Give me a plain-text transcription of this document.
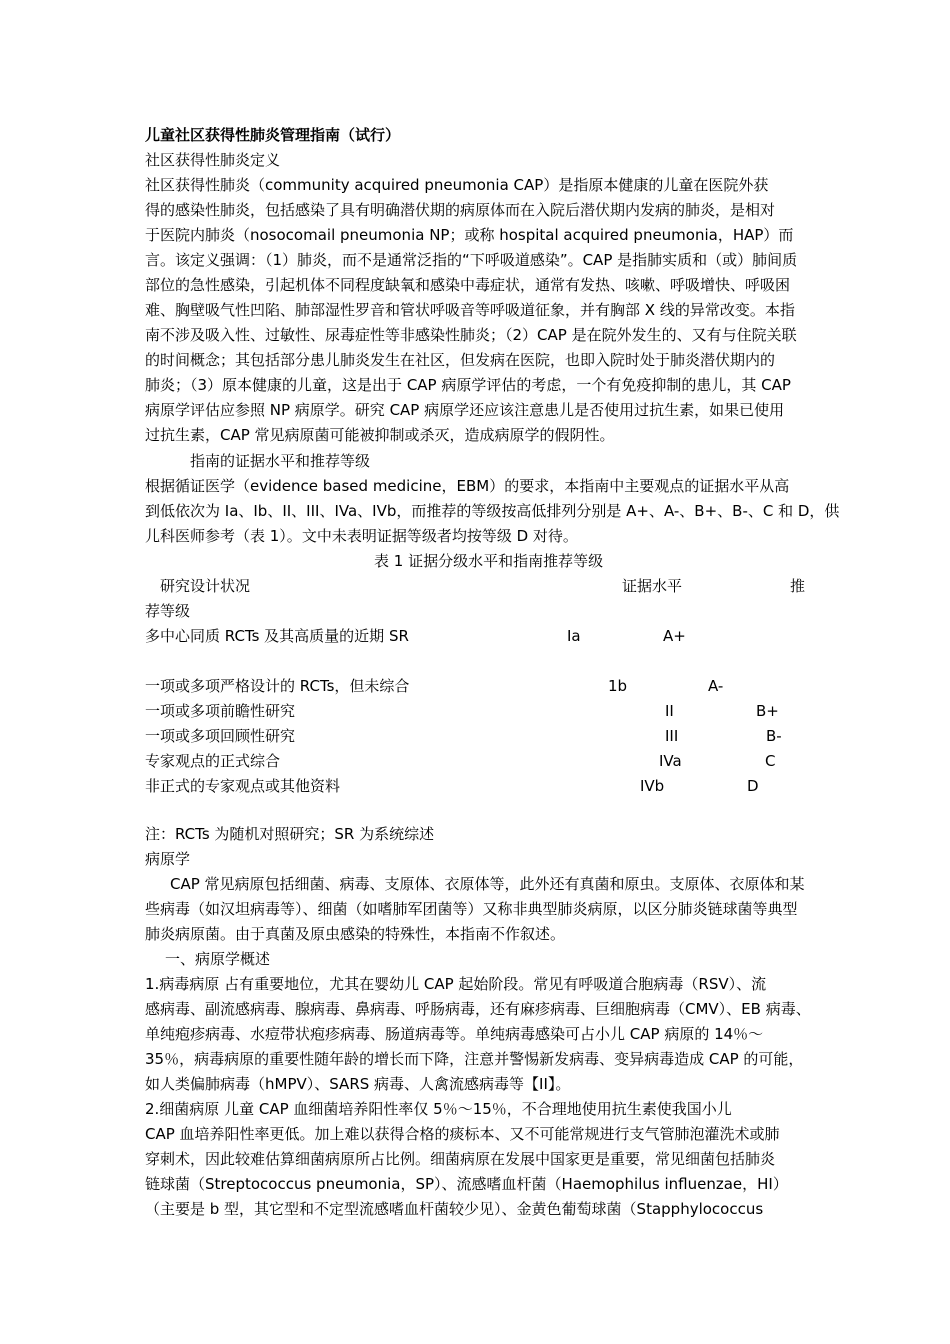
儿童社区获得性肺炎管理指南（试行）
社区获得性肺炎定义
社区获得性肺炎（community acquired pneumonia CAP）是指原本健康的儿童在医院外获
得的感染性肺炎，包括感染了具有明确潜伏期的病原体而在入院后潜伏期内发病的肺炎，是相对
于医院内肺炎（nosocomail pneumonia NP；或称 hospital acquired pneumonia，HAP）而
言。该定义强调：（1）肺炎，而不是通常泛指的“下呼吸道感染”。CAP 是指肺实质和（或）肺间质
部位的急性感染，引起机体不同程度缺氧和感染中毒症状，通常有发热、咳嗽、呼吸增快、呼吸困
难、胸壁吸气性凹陷、肺部湿性罗音和管状呼吸音等呼吸道征象，并有胸部 X 线的异常改变。本指
南不涉及吸入性、过敏性、尿毒症性等非感染性肺炎；（2）CAP 是在院外发生的、又有与住院关联
的时间概念；其包括部分患儿肺炎发生在社区，但发病在医院，也即入院时处于肺炎潜伏期内的
肺炎；（3）原本健康的儿童，这是出于 CAP 病原学评估的考虑，一个有免疫抑制的患儿，其 CAP
病原学评估应参照 NP 病原学。研究 CAP 病原学还应该注意患儿是否使用过抗生素，如果已使用
过抗生素，CAP 常见病原菌可能被抑制或杀灭，造成病原学的假阴性。
指南的证据水平和推荐等级
根据循证医学（evidence based medicine，EBM）的要求，本指南中主要观点的证据水平从高
到低依次为 Ia、Ib、II、III、IVa、IVb，而推荐的等级按高低排列分别是 A+、A-、B+、B-、C 和 D，供
儿科医师参考（表 1）。文中未表明证据等级者均按等级 D 对待。
表 1 证据分级水平和指南推荐等级
研究设计状况	证据水平	推
荐等级
多中心同质 RCTs 及其高质量的近期 SR	Ia	A+
一项或多项严格设计的 RCTs，但未综合	1b	A-
一项或多项前瞻性研究	II	B+
一项或多项回顾性研究	III	B-
专家观点的正式综合	IVa	C
非正式的专家观点或其他资料	IVb	D
注：RCTs 为随机对照研究；SR 为系统综述
病原学
CAP 常见病原包括细菌、病毒、支原体、衣原体等，此外还有真菌和原虫。支原体、衣原体和某
些病毒（如汉坦病毒等）、细菌（如嗜肺军团菌等）又称非典型肺炎病原，以区分肺炎链球菌等典型
肺炎病原菌。由于真菌及原虫感染的特殊性，本指南不作叙述。
一、病原学概述
1.病毒病原 占有重要地位，尤其在婴幼儿 CAP 起始阶段。常见有呼吸道合胞病毒（RSV）、流
感病毒、副流感病毒、腺病毒、鼻病毒、呼肠病毒，还有麻疹病毒、巨细胞病毒（CMV）、EB 病毒、
单纯疱疹病毒、水痘带状疱疹病毒、肠道病毒等。单纯病毒感染可占小儿 CAP 病原的 14％～
35％，病毒病原的重要性随年龄的增长而下降，注意并警惕新发病毒、变异病毒造成 CAP 的可能，
如人类偏肺病毒（hMPV）、SARS 病毒、人禽流感病毒等【II】。
2.细菌病原 儿童 CAP 血细菌培养阳性率仅 5％～15％，不合理地使用抗生素使我国小儿
CAP 血培养阳性率更低。加上难以获得合格的痰标本、又不可能常规进行支气管肺泡灌洗术或肺
穿刺术，因此较难估算细菌病原所占比例。细菌病原在发展中国家更是重要，常见细菌包括肺炎
链球菌（Streptococcus pneumonia，SP）、流感嗜血杆菌（Haemophilus influenzae，HI）
（主要是 b 型，其它型和不定型流感嗜血杆菌较少见）、金黄色葡萄球菌（Stapphylococcus
